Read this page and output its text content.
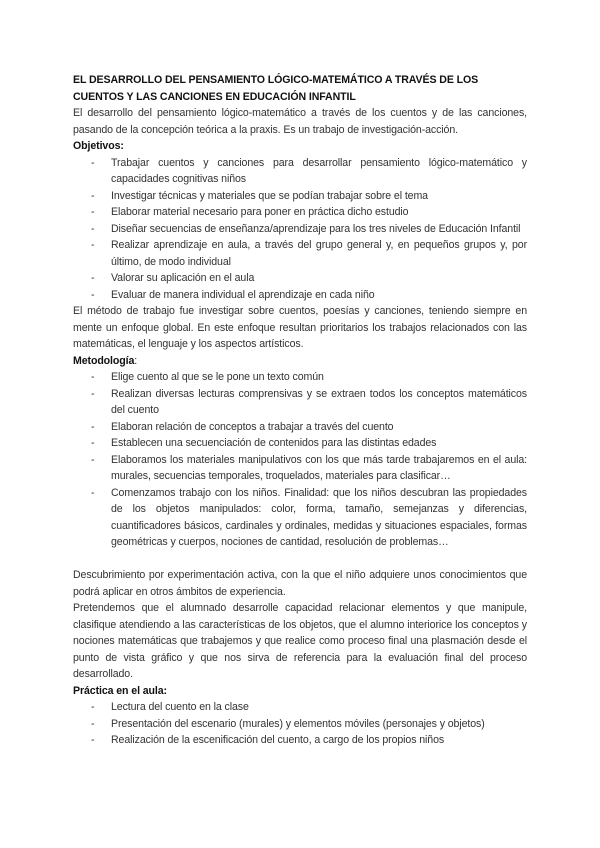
EL DESARROLLO DEL PENSAMIENTO LÓGICO-MATEMÁTICO A TRAVÉS DE LOS CUENTOS Y LAS CANCIONES EN EDUCACIÓN INFANTIL

El desarrollo del pensamiento lógico-matemático a través de los cuentos y de las canciones, pasando de la concepción teórica a la praxis. Es un trabajo de investigación-acción.

Objetivos:
- Trabajar cuentos y canciones para desarrollar pensamiento lógico-matemático y capacidades cognitivas niños
- Investigar técnicas y materiales que se podían trabajar sobre el tema
- Elaborar material necesario para poner en práctica dicho estudio
- Diseñar secuencias de enseñanza/aprendizaje para los tres niveles de Educación Infantil
- Realizar aprendizaje en aula, a través del grupo general y, en pequeños grupos y, por último, de modo individual
- Valorar su aplicación en el aula
- Evaluar de manera individual el aprendizaje en cada niño

El método de trabajo fue investigar sobre cuentos, poesías y canciones, teniendo siempre en mente un enfoque global. En este enfoque resultan prioritarios los trabajos relacionados con las matemáticas, el lenguaje y los aspectos artísticos.

Metodología:
- Elige cuento al que se le pone un texto común
- Realizan diversas lecturas comprensivas y se extraen todos los conceptos matemáticos del cuento
- Elaboran relación de conceptos a trabajar a través del cuento
- Establecen una secuenciación de contenidos para las distintas edades
- Elaboramos los materiales manipulativos con los que más tarde trabajaremos en el aula: murales, secuencias temporales, troquelados, materiales para clasificar…
- Comenzamos trabajo con los niños. Finalidad: que los niños descubran las propiedades de los objetos manipulados: color, forma, tamaño, semejanzas y diferencias, cuantificadores básicos, cardinales y ordinales, medidas y situaciones espaciales, formas geométricas y cuerpos, nociones de cantidad, resolución de problemas…

Descubrimiento por experimentación activa, con la que el niño adquiere unos conocimientos que podrá aplicar en otros ámbitos de experiencia.

Pretendemos que el alumnado desarrolle capacidad relacionar elementos y que manipule, clasifique atendiendo a las características de los objetos, que el alumno interiorice los conceptos y nociones matemáticas que trabajemos y que realice como proceso final una plasmación desde el punto de vista gráfico y que nos sirva de referencia para la evaluación final del proceso desarrollado.

Práctica en el aula:
- Lectura del cuento en la clase
- Presentación del escenario (murales) y elementos móviles (personajes y objetos)
- Realización de la escenificación del cuento, a cargo de los propios niños
